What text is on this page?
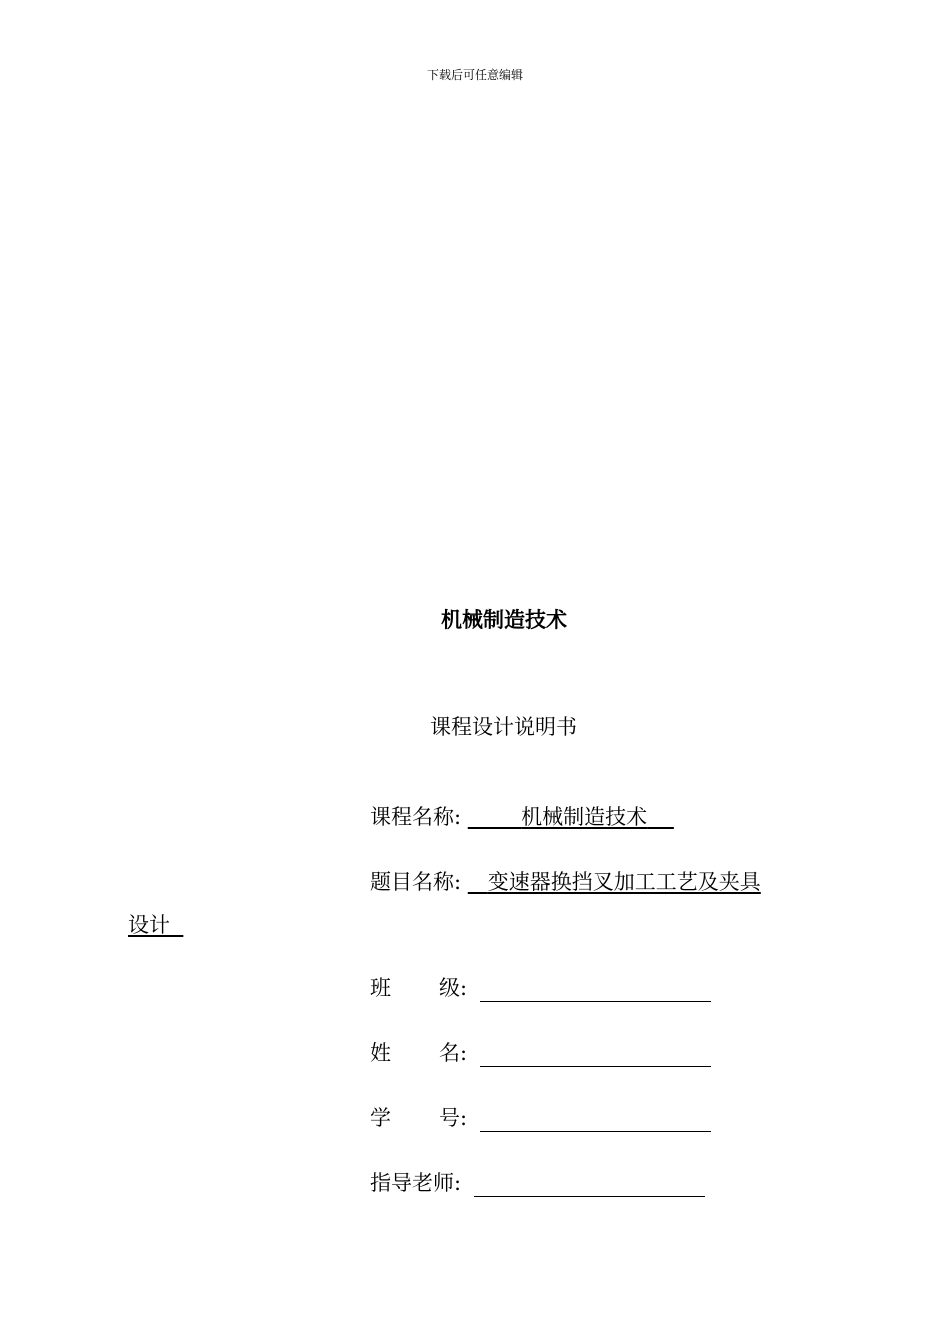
下载后可任意编辑
机械制造技术
课程设计说明书
课程名称:	机械制造技术
题目名称: 变速器换挡叉加工工艺及夹具
设计
班 级:
姓 名:
学 号:
指导老师:
